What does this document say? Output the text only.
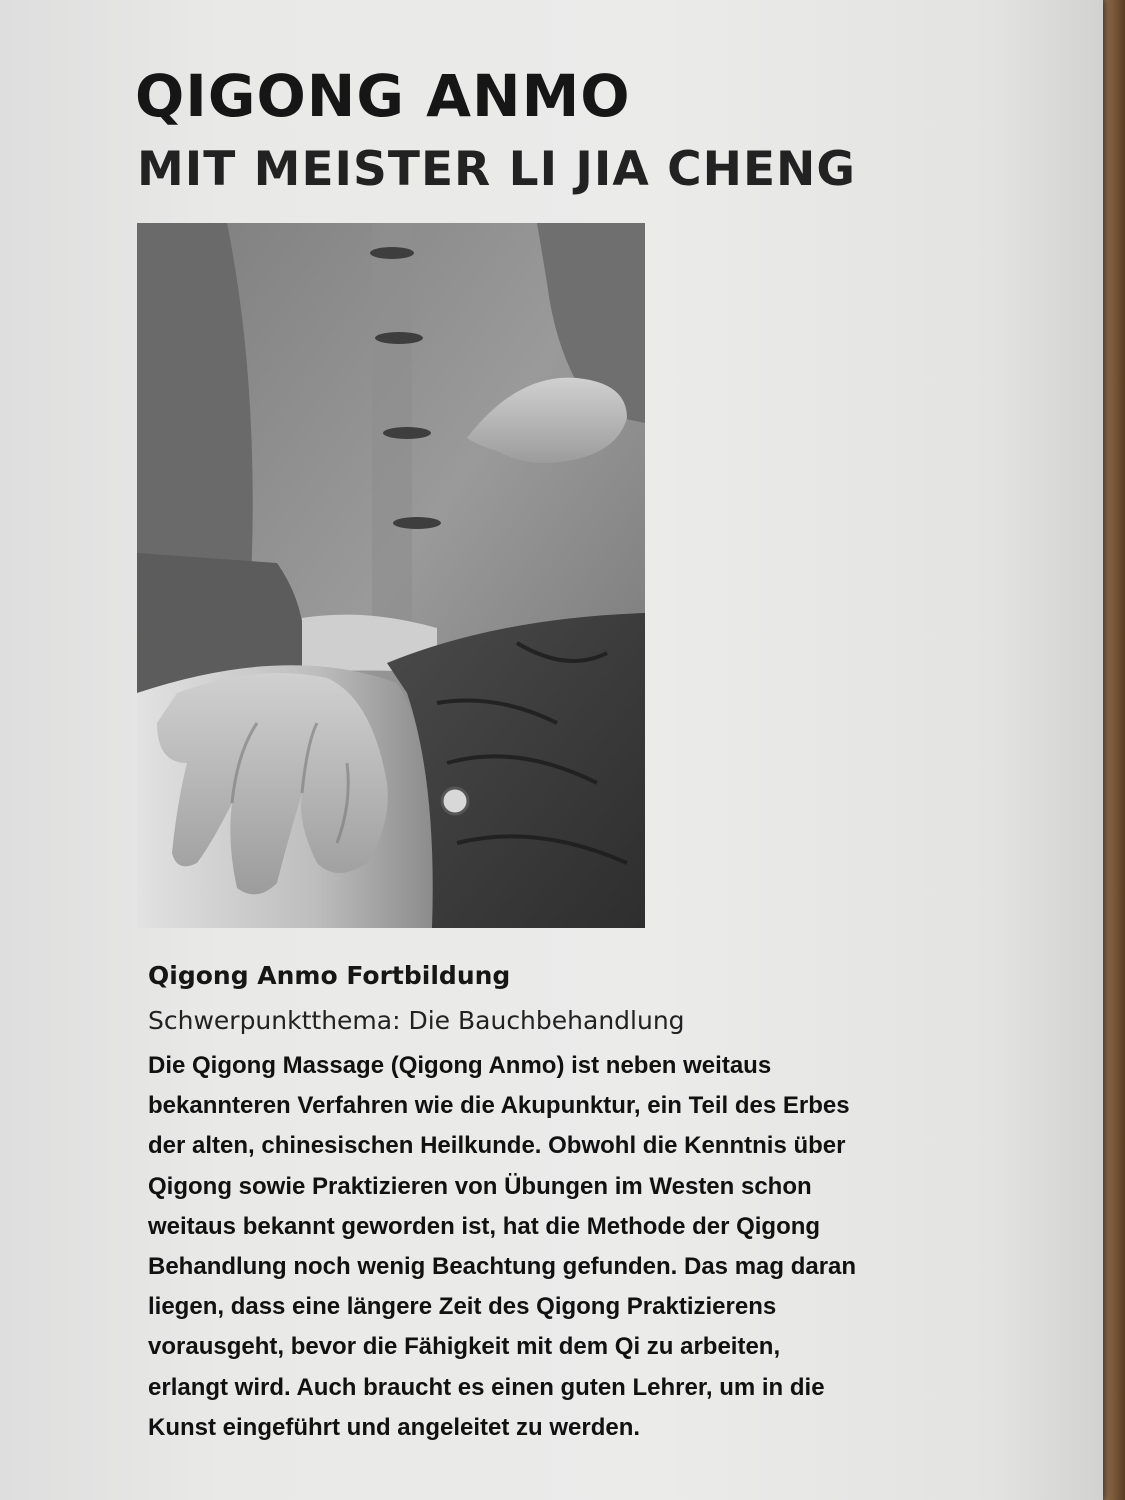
QIGONG ANMO
MIT MEISTER LI JIA CHENG
Qigong Anmo Fortbildung

Schwerpunktthema: Die Bauchbehandlung

Die Qigong Massage (Qigong Anmo) ist neben weitaus
bekannteren Verfahren wie die Akupunktur, ein Teil des Erbes
der alten, chinesischen Heilkunde. Obwohl die Kenntnis über
Qigong sowie Praktizieren von Übungen im Westen schon
weitaus bekannt geworden ist, hat die Methode der Qigong
Behandlung noch wenig Beachtung gefunden. Das mag daran
liegen, dass eine längere Zeit des Qigong Praktizierens
vorausgeht, bevor die Fähigkeit mit dem Qi zu arbeiten,
erlangt wird. Auch braucht es einen guten Lehrer, um in die
Kunst eingeführt und angeleitet zu werden.
